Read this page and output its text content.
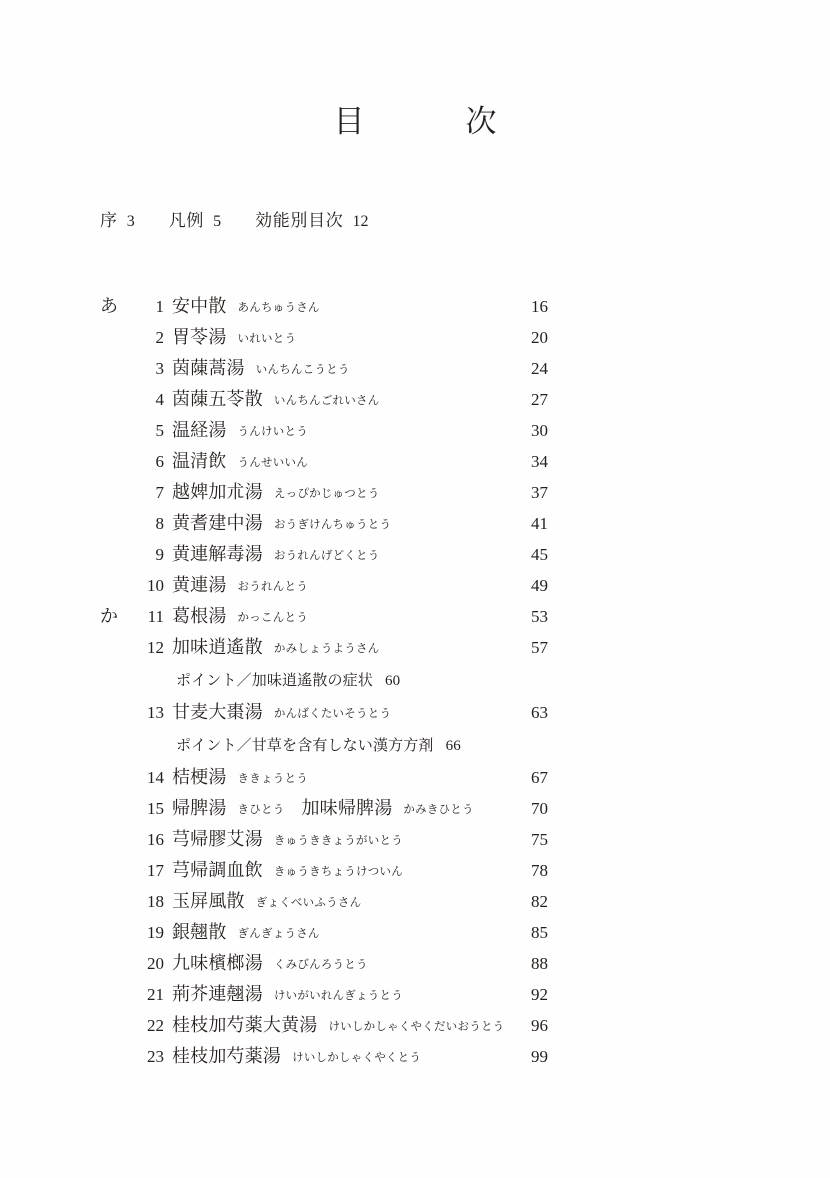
目　　次
序 3 凡例 5 効能別目次 12
あ	1 安中散 あんちゅうさん	16
2 胃苓湯 いれいとう	20
3 茵蔯蒿湯 いんちんこうとう	24
4 茵蔯五苓散 いんちんごれいさん	27
5 温経湯 うんけいとう	30
6 温清飲 うんせいいん	34
7 越婢加朮湯 えっぴかじゅつとう	37
8 黄耆建中湯 おうぎけんちゅうとう	41
9 黄連解毒湯 おうれんげどくとう	45
10 黄連湯 おうれんとう	49
か	11 葛根湯 かっこんとう	53
12 加味逍遙散 かみしょうようさん	57
ポイント／加味逍遙散の症状 60
13 甘麦大棗湯 かんばくたいそうとう	63
ポイント／甘草を含有しない漢方方剤 66
14 桔梗湯 ききょうとう	67
15 帰脾湯 きひとう 加味帰脾湯 かみきひとう	70
16 芎帰膠艾湯 きゅうききょうがいとう	75
17 芎帰調血飲 きゅうきちょうけついん	78
18 玉屏風散 ぎょくべいふうさん	82
19 銀翹散 ぎんぎょうさん	85
20 九味檳榔湯 くみびんろうとう	88
21 荊芥連翹湯 けいがいれんぎょうとう	92
22 桂枝加芍薬大黄湯 けいしかしゃくやくだいおうとう	96
23 桂枝加芍薬湯 けいしかしゃくやくとう	99
